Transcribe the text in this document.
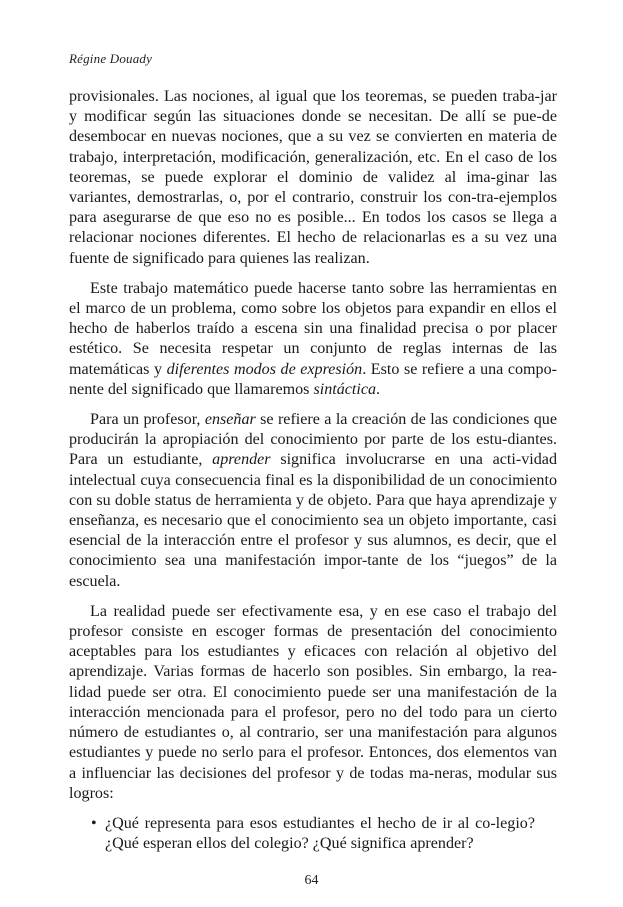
Régine Douady

provisionales. Las nociones, al igual que los teoremas, se pueden traba-jar y modificar según las situaciones donde se necesitan. De allí se pue-de desembocar en nuevas nociones, que a su vez se convierten en materia de trabajo, interpretación, modificación, generalización, etc. En el caso de los teoremas, se puede explorar el dominio de validez al ima-ginar las variantes, demostrarlas, o, por el contrario, construir los con-tra-ejemplos para asegurarse de que eso no es posible... En todos los casos se llega a relacionar nociones diferentes. El hecho de relacionarlas es a su vez una fuente de significado para quienes las realizan.

Este trabajo matemático puede hacerse tanto sobre las herramientas en el marco de un problema, como sobre los objetos para expandir en ellos el hecho de haberlos traído a escena sin una finalidad precisa o por placer estético. Se necesita respetar un conjunto de reglas internas de las matemáticas y diferentes modos de expresión. Esto se refiere a una compo-nente del significado que llamaremos sintáctica.

Para un profesor, enseñar se refiere a la creación de las condiciones que producirán la apropiación del conocimiento por parte de los estu-diantes. Para un estudiante, aprender significa involucrarse en una acti-vidad intelectual cuya consecuencia final es la disponibilidad de un conocimiento con su doble status de herramienta y de objeto. Para que haya aprendizaje y enseñanza, es necesario que el conocimiento sea un objeto importante, casi esencial de la interacción entre el profesor y sus alumnos, es decir, que el conocimiento sea una manifestación impor-tante de los “juegos” de la escuela.

La realidad puede ser efectivamente esa, y en ese caso el trabajo del profesor consiste en escoger formas de presentación del conocimiento aceptables para los estudiantes y eficaces con relación al objetivo del aprendizaje. Varias formas de hacerlo son posibles. Sin embargo, la rea-lidad puede ser otra. El conocimiento puede ser una manifestación de la interacción mencionada para el profesor, pero no del todo para un cierto número de estudiantes o, al contrario, ser una manifestación para algunos estudiantes y puede no serlo para el profesor. Entonces, dos elementos van a influenciar las decisiones del profesor y de todas ma-neras, modular sus logros:

• ¿Qué representa para esos estudiantes el hecho de ir al co-legio? ¿Qué esperan ellos del colegio? ¿Qué significa aprender?
64
